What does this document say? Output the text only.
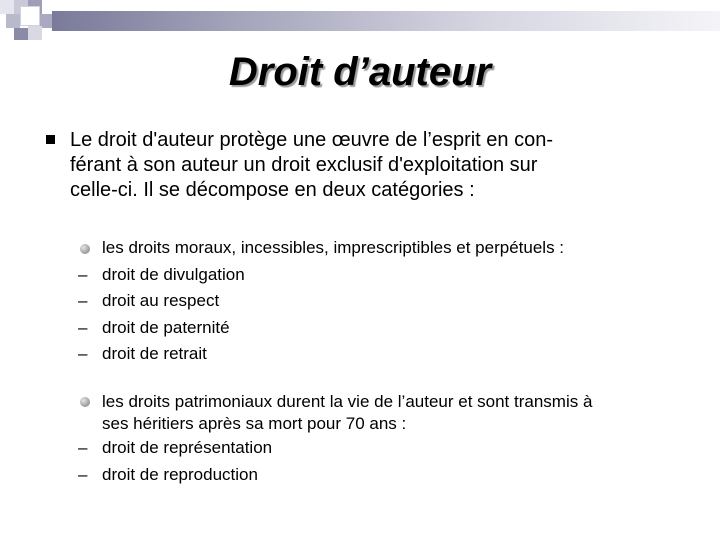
Droit d’auteur
Le droit d'auteur protège une œuvre de l’esprit en con-
férant à son auteur un droit exclusif d'exploitation sur
celle-ci. Il se décompose en deux catégories :
les droits moraux, incessibles, imprescriptibles et perpétuels :
– droit de divulgation
– droit au respect
– droit de paternité
– droit de retrait
les droits patrimoniaux durent la vie de l’auteur et sont transmis à
ses héritiers après sa mort pour 70 ans :
– droit de représentation
– droit de reproduction
